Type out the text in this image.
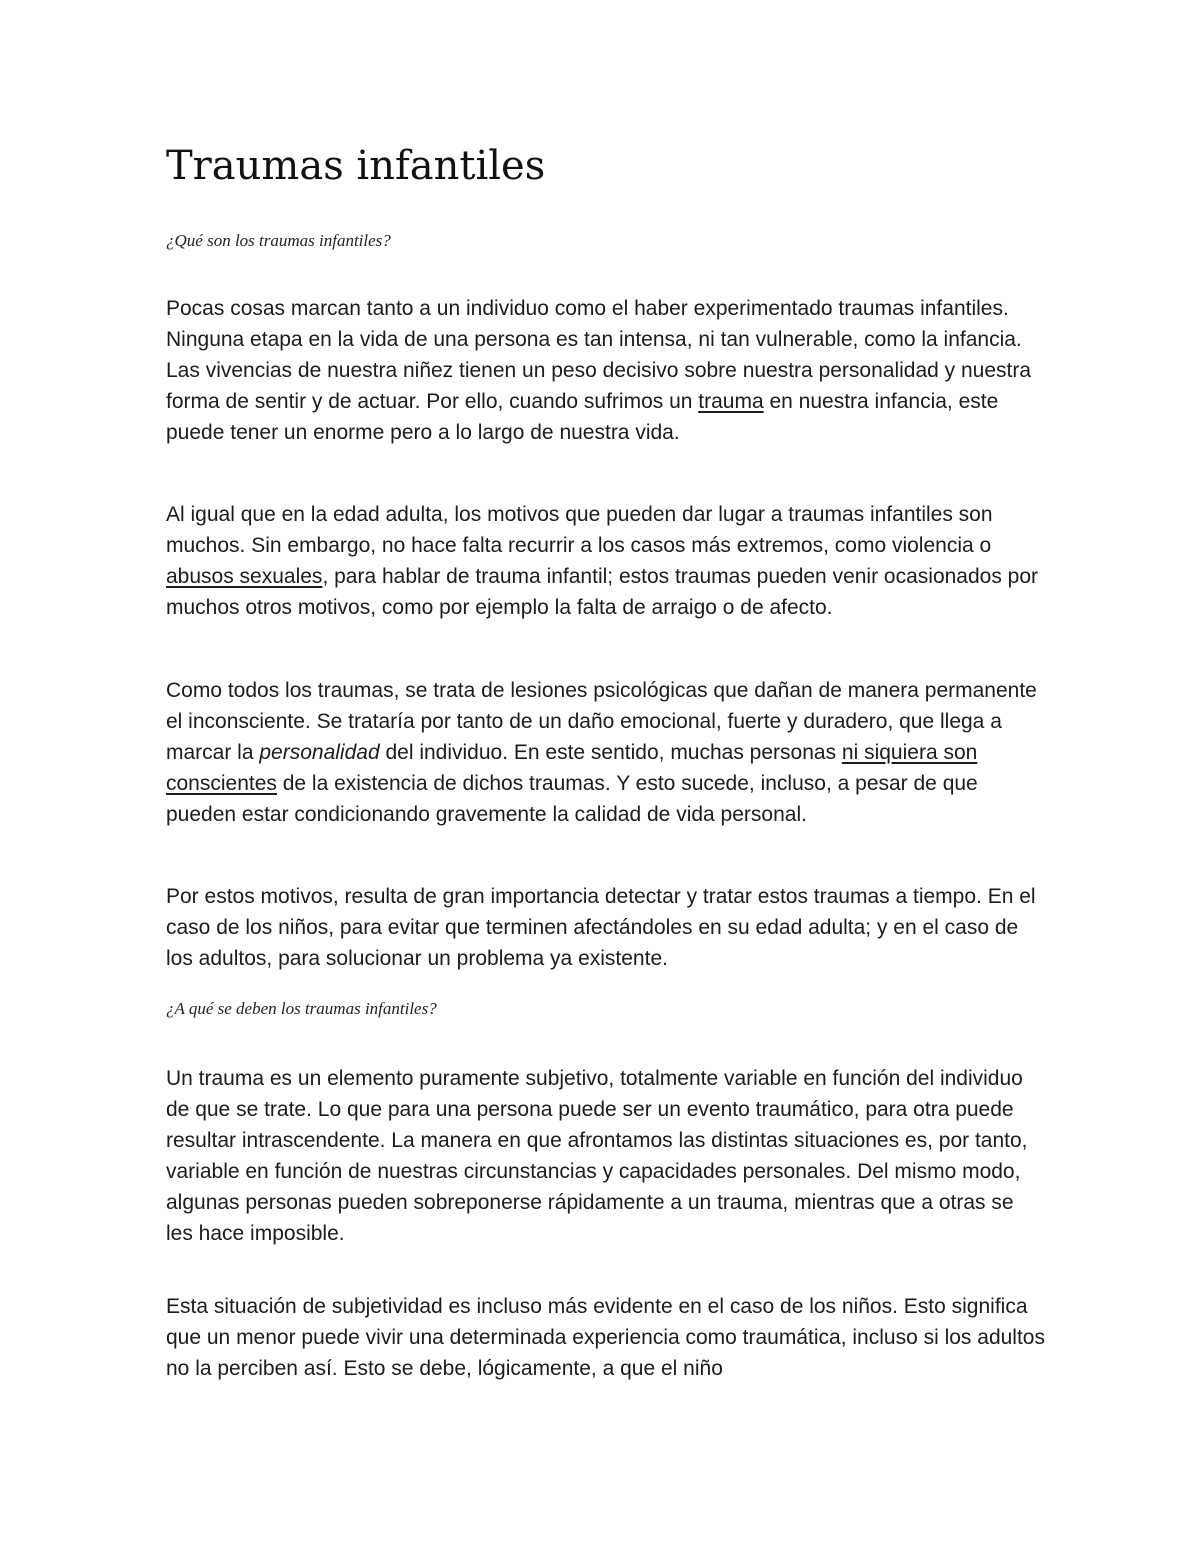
Traumas infantiles

¿Qué son los traumas infantiles?

Pocas cosas marcan tanto a un individuo como el haber experimentado traumas infantiles. Ninguna etapa en la vida de una persona es tan intensa, ni tan vulnerable, como la infancia. Las vivencias de nuestra niñez tienen un peso decisivo sobre nuestra personalidad y nuestra forma de sentir y de actuar. Por ello, cuando sufrimos un trauma en nuestra infancia, este puede tener un enorme pero a lo largo de nuestra vida.

Al igual que en la edad adulta, los motivos que pueden dar lugar a traumas infantiles son muchos. Sin embargo, no hace falta recurrir a los casos más extremos, como violencia o abusos sexuales, para hablar de trauma infantil; estos traumas pueden venir ocasionados por muchos otros motivos, como por ejemplo la falta de arraigo o de afecto.

Como todos los traumas, se trata de lesiones psicológicas que dañan de manera permanente el inconsciente. Se trataría por tanto de un daño emocional, fuerte y duradero, que llega a marcar la personalidad del individuo. En este sentido, muchas personas ni siquiera son conscientes de la existencia de dichos traumas. Y esto sucede, incluso, a pesar de que pueden estar condicionando gravemente la calidad de vida personal.

Por estos motivos, resulta de gran importancia detectar y tratar estos traumas a tiempo. En el caso de los niños, para evitar que terminen afectándoles en su edad adulta; y en el caso de los adultos, para solucionar un problema ya existente.

¿A qué se deben los traumas infantiles?

Un trauma es un elemento puramente subjetivo, totalmente variable en función del individuo de que se trate. Lo que para una persona puede ser un evento traumático, para otra puede resultar intrascendente. La manera en que afrontamos las distintas situaciones es, por tanto, variable en función de nuestras circunstancias y capacidades personales. Del mismo modo, algunas personas pueden sobreponerse rápidamente a un trauma, mientras que a otras se les hace imposible.

Esta situación de subjetividad es incluso más evidente en el caso de los niños. Esto significa que un menor puede vivir una determinada experiencia como traumática, incluso si los adultos no la perciben así. Esto se debe, lógicamente, a que el niño
